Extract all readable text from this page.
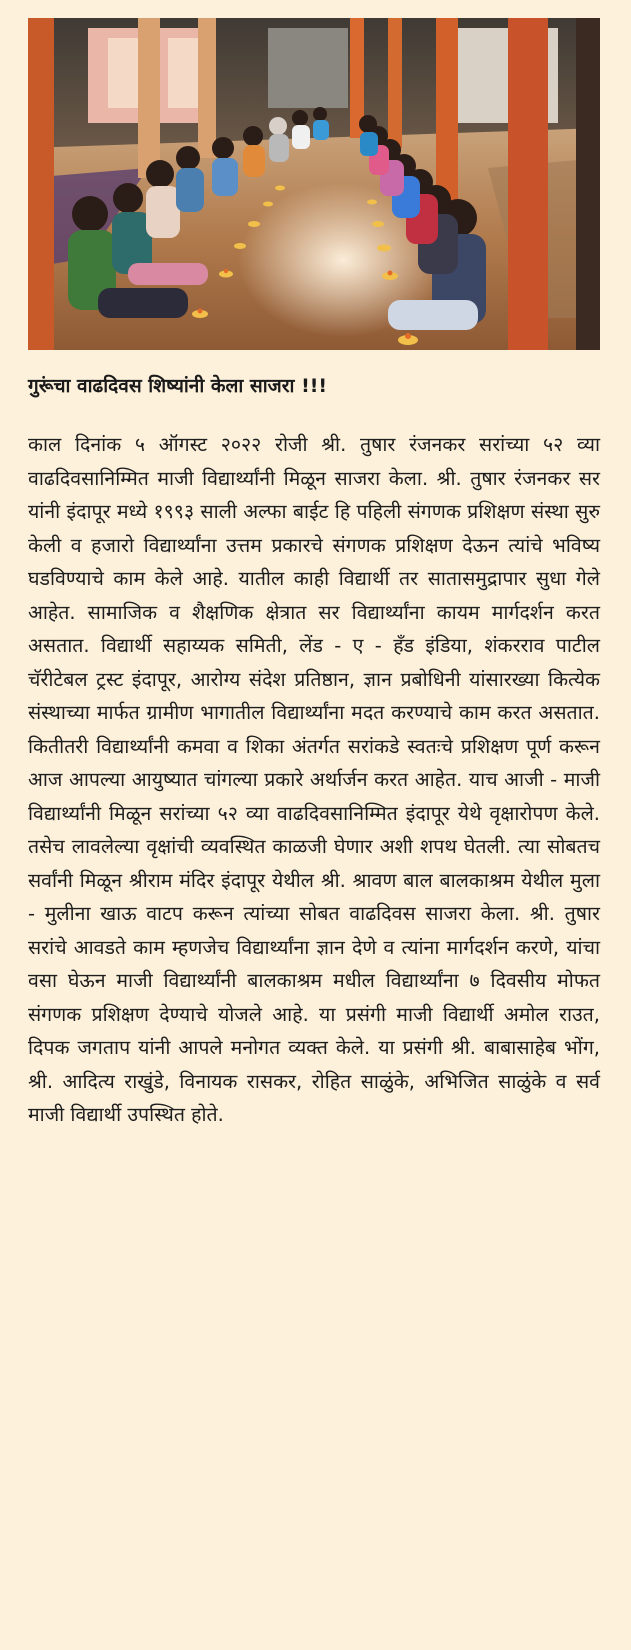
गुरूंचा वाढदिवस शिष्यांनी केला साजरा !!!
काल दिनांक ५ ऑगस्ट २०२२ रोजी श्री. तुषार रंजनकर सरांच्या ५२ व्या वाढदिवसानिम्मित माजी विद्यार्थ्यांनी मिळून साजरा केला. श्री. तुषार रंजनकर सर यांनी इंदापूर मध्ये १९९३ साली अल्फा बाईट हि पहिली संगणक प्रशिक्षण संस्था सुरु केली व हजारो विद्यार्थ्यांना उत्तम प्रकारचे संगणक प्रशिक्षण देऊन त्यांचे भविष्य घडविण्याचे काम केले आहे. यातील काही विद्यार्थी तर सातासमुद्रापार सुधा गेले आहेत. सामाजिक व शैक्षणिक क्षेत्रात सर विद्यार्थ्यांना कायम मार्गदर्शन करत असतात. विद्यार्थी सहाय्यक समिती, लेंड - ए - हँड इंडिया, शंकरराव पाटील चॅरीटेबल ट्रस्ट इंदापूर, आरोग्य संदेश प्रतिष्ठान, ज्ञान प्रबोधिनी यांसारख्या कित्येक संस्थाच्या मार्फत ग्रामीण भागातील विद्यार्थ्यांना मदत करण्याचे काम करत असतात. कितीतरी विद्यार्थ्यांनी कमवा व शिका अंतर्गत सरांकडे स्वतःचे प्रशिक्षण पूर्ण करून आज आपल्या आयुष्यात चांगल्या प्रकारे अर्थार्जन करत आहेत. याच आजी - माजी विद्यार्थ्यांनी मिळून सरांच्या ५२ व्या वाढदिवसानिम्मित इंदापूर येथे वृक्षारोपण केले. तसेच लावलेल्या वृक्षांची व्यवस्थित काळजी घेणार अशी शपथ घेतली. त्या सोबतच सर्वांनी मिळून श्रीराम मंदिर इंदापूर येथील श्री. श्रावण बाल बालकाश्रम येथील मुला - मुलीना खाऊ वाटप करून त्यांच्या सोबत वाढदिवस साजरा केला. श्री. तुषार सरांचे आवडते काम म्हणजेच विद्यार्थ्यांना ज्ञान देणे व त्यांना मार्गदर्शन करणे, यांचा वसा घेऊन माजी विद्यार्थ्यांनी बालकाश्रम मधील विद्यार्थ्यांना ७ दिवसीय मोफत संगणक प्रशिक्षण देण्याचे योजले आहे. या प्रसंगी माजी विद्यार्थी अमोल राउत, दिपक जगताप यांनी आपले मनोगत व्यक्त केले. या प्रसंगी श्री. बाबासाहेब भोंग, श्री. आदित्य राखुंडे, विनायक रासकर, रोहित साळुंके, अभिजित साळुंके व सर्व माजी विद्यार्थी उपस्थित होते.
